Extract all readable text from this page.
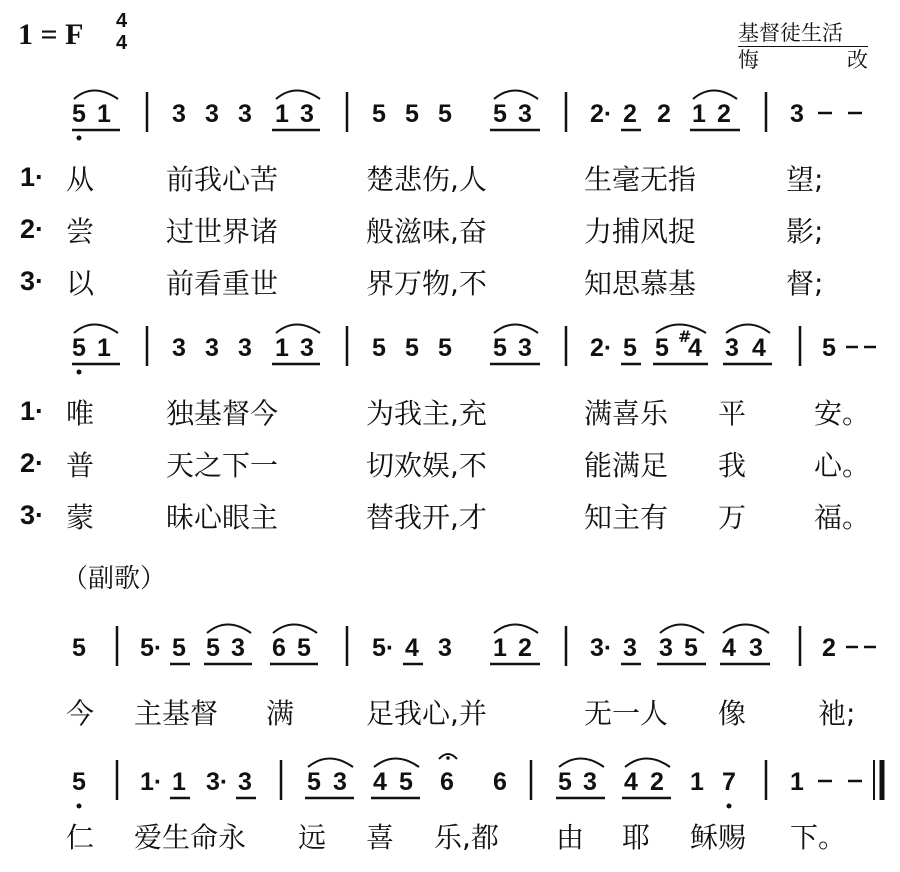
1 = F 4
4	基督徒生活
悔	改
5 1 3 3 3 1 3 5 5 5 5 3 2· 2 2 1 2 3
5 1 3 3 3 1 3 5 5 5 5 3 2· 5 5 #
4 3 4 5
5 5· 5 5 3 6 5 5· 4 3 1 2 3· 3 3 5 4 3 2
5 1· 1 3· 3 5 3 4 5 6 6 5 3 4 2 1 7 1
1· 从	前我心苦	楚悲伤,人	生毫无指	望;
2· 尝	过世界诸	般滋味,奋	力捕风捉	影;
3· 以	前看重世	界万物,不	知思慕基	督;
1· 唯	独基督今	为我主,充	满喜乐 平 安。
2· 普	天之下一	切欢娱,不	能满足 我 心。
3· 蒙	昧心眼主	替我开,才	知主有 万 福。
（副歌）
今 主基督 满	足我心,并	无一人 像	祂;
仁 爱生命永 远 喜 乐,都 由 耶 稣赐 下。
